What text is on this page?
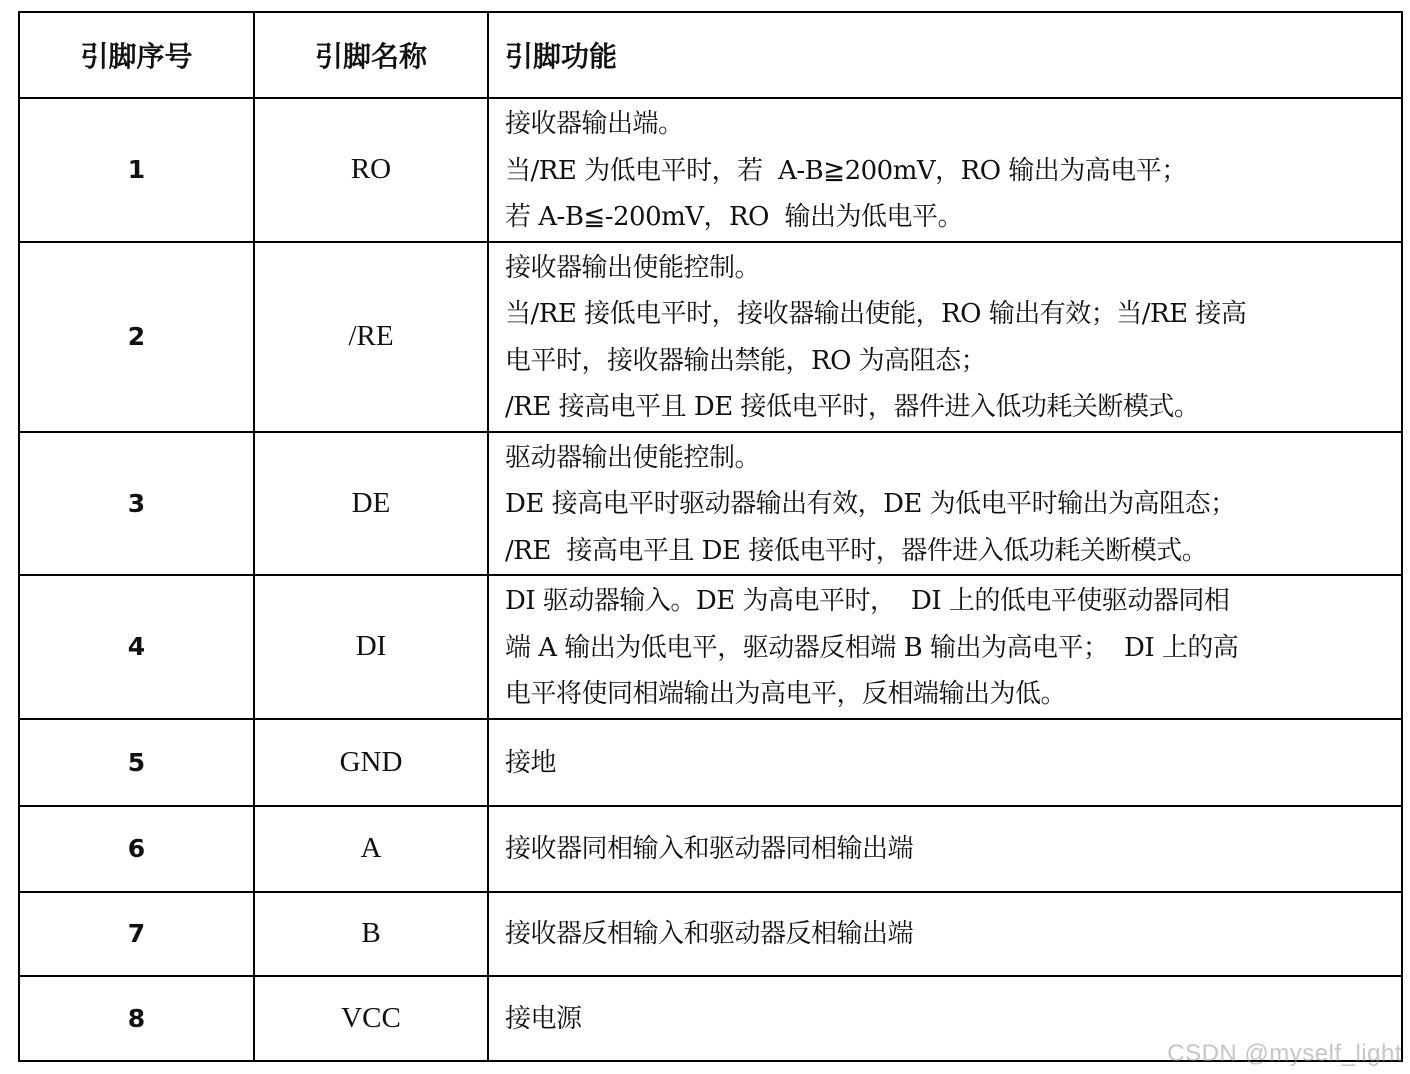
引脚序号	引脚名称	引脚功能
1	RO	接收器输出端。
当/RE 为低电平时，若  A-B≧200mV，RO 输出为高电平；
若 A-B≦-200mV，RO  输出为低电平。

2	/RE	接收器输出使能控制。
当/RE 接低电平时，接收器输出使能，RO 输出有效；当/RE 接高
电平时，接收器输出禁能，RO 为高阻态；
/RE 接高电平且 DE 接低电平时，器件进入低功耗关断模式。

3	DE	驱动器输出使能控制。
DE 接高电平时驱动器输出有效，DE 为低电平时输出为高阻态；
/RE  接高电平且 DE 接低电平时，器件进入低功耗关断模式。

4	DI	DI 驱动器输入。DE 为高电平时，  DI 上的低电平使驱动器同相
端 A 输出为低电平，驱动器反相端 B 输出为高电平；  DI 上的高
电平将使同相端输出为高电平，反相端输出为低。

5	GND	接地

6	A	接收器同相输入和驱动器同相输出端

7	B	接收器反相输入和驱动器反相输出端

8	VCC	接电源
CSDN @myself_light
